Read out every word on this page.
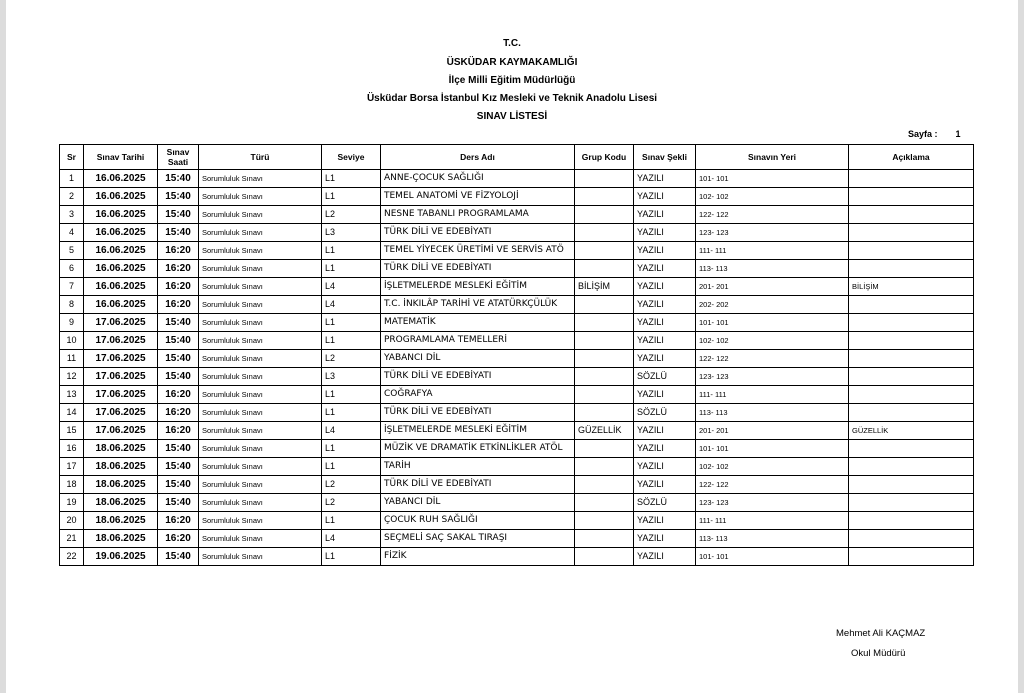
T.C.
ÜSKÜDAR KAYMAKAMLIĞI
İlçe Milli Eğitim Müdürlüğü
Üsküdar Borsa İstanbul Kız Mesleki ve Teknik Anadolu Lisesi
SINAV LİSTESİ
Sayfa : 1
Sr	Sınav Tarihi	Sınav Saati	Türü	Seviye	Ders Adı	Grup Kodu	Sınav Şekli	Sınavın Yeri	Açıklama
1	16.06.2025	15:40	Sorumluluk Sınavı	L1	ANNE-ÇOCUK SAĞLIĞI		YAZILI	101- 101	
2	16.06.2025	15:40	Sorumluluk Sınavı	L1	TEMEL ANATOMİ VE FİZYOLOJİ		YAZILI	102- 102	
3	16.06.2025	15:40	Sorumluluk Sınavı	L2	NESNE TABANLI PROGRAMLAMA		YAZILI	122- 122	
4	16.06.2025	15:40	Sorumluluk Sınavı	L3	TÜRK DİLİ VE EDEBİYATI		YAZILI	123- 123	
5	16.06.2025	16:20	Sorumluluk Sınavı	L1	TEMEL YİYECEK ÜRETİMİ VE SERVİS ATÖ		YAZILI	111- 111	
6	16.06.2025	16:20	Sorumluluk Sınavı	L1	TÜRK DİLİ VE EDEBİYATI		YAZILI	113- 113	
7	16.06.2025	16:20	Sorumluluk Sınavı	L4	İŞLETMELERDE MESLEKİ EĞİTİM	BİLİŞİM	YAZILI	201- 201	BİLİŞİM
8	16.06.2025	16:20	Sorumluluk Sınavı	L4	T.C. İNKILÂP TARİHİ VE ATATÜRKÇÜLÜK		YAZILI	202- 202	
9	17.06.2025	15:40	Sorumluluk Sınavı	L1	MATEMATİK		YAZILI	101- 101	
10	17.06.2025	15:40	Sorumluluk Sınavı	L1	PROGRAMLAMA TEMELLERİ		YAZILI	102- 102	
11	17.06.2025	15:40	Sorumluluk Sınavı	L2	YABANCI DİL		YAZILI	122- 122	
12	17.06.2025	15:40	Sorumluluk Sınavı	L3	TÜRK DİLİ VE EDEBİYATI		SÖZLÜ	123- 123	
13	17.06.2025	16:20	Sorumluluk Sınavı	L1	COĞRAFYA		YAZILI	111- 111	
14	17.06.2025	16:20	Sorumluluk Sınavı	L1	TÜRK DİLİ VE EDEBİYATI		SÖZLÜ	113- 113	
15	17.06.2025	16:20	Sorumluluk Sınavı	L4	İŞLETMELERDE MESLEKİ EĞİTİM	GÜZELLİK	YAZILI	201- 201	GÜZELLİK
16	18.06.2025	15:40	Sorumluluk Sınavı	L1	MÜZİK VE DRAMATİK ETKİNLİKLER ATÖL		YAZILI	101- 101	
17	18.06.2025	15:40	Sorumluluk Sınavı	L1	TARİH		YAZILI	102- 102	
18	18.06.2025	15:40	Sorumluluk Sınavı	L2	TÜRK DİLİ VE EDEBİYATI		YAZILI	122- 122	
19	18.06.2025	15:40	Sorumluluk Sınavı	L2	YABANCI DİL		SÖZLÜ	123- 123	
20	18.06.2025	16:20	Sorumluluk Sınavı	L1	ÇOCUK RUH SAĞLIĞI		YAZILI	111- 111	
21	18.06.2025	16:20	Sorumluluk Sınavı	L4	SEÇMELİ SAÇ SAKAL TIRAŞI		YAZILI	113- 113	
22	19.06.2025	15:40	Sorumluluk Sınavı	L1	FİZİK		YAZILI	101- 101	
Mehmet Ali KAÇMAZ
Okul Müdürü
